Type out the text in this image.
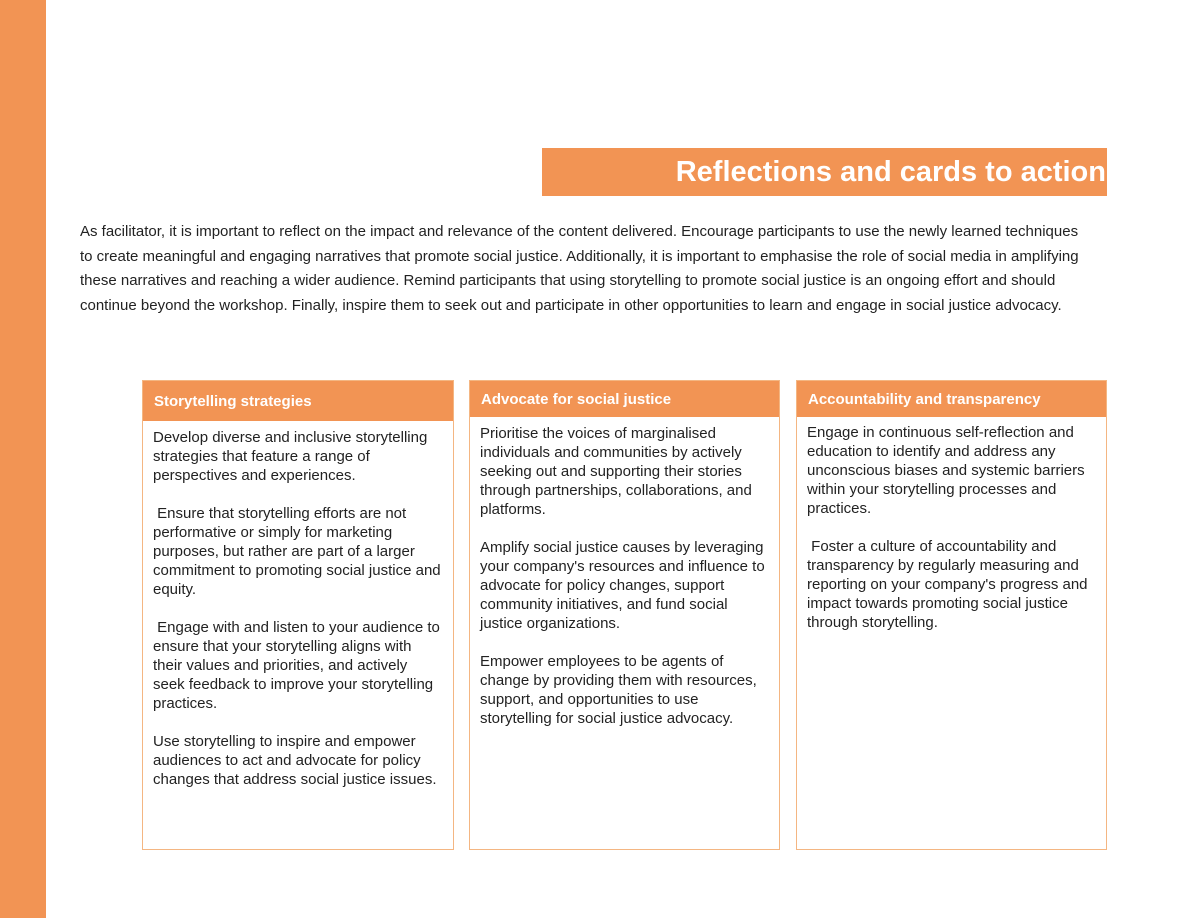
Reflections and cards to action

As facilitator, it is important to reflect on the impact and relevance of the content delivered. Encourage participants to use the newly learned techniques to create meaningful and engaging narratives that promote social justice. Additionally, it is important to emphasise the role of social media in amplifying these narratives and reaching a wider audience. Remind participants that using storytelling to promote social justice is an ongoing effort and should continue beyond the workshop. Finally, inspire them to seek out and participate in other opportunities to learn and engage in social justice advocacy.

Storytelling strategies

Develop diverse and inclusive storytelling strategies that feature a range of perspectives and experiences.

Ensure that storytelling efforts are not performative or simply for marketing purposes, but rather are part of a larger commitment to promoting social justice and equity.

Engage with and listen to your audience to ensure that your storytelling aligns with their values and priorities, and actively seek feedback to improve your storytelling practices.

Use storytelling to inspire and empower audiences to act and advocate for policy changes that address social justice issues.

Advocate for social justice

Prioritise the voices of marginalised individuals and communities by actively seeking out and supporting their stories through partnerships, collaborations, and platforms.

Amplify social justice causes by leveraging your company's resources and influence to advocate for policy changes, support community initiatives, and fund social justice organizations.

Empower employees to be agents of change by providing them with resources, support, and opportunities to use storytelling for social justice advocacy.

Accountability and transparency

Engage in continuous self-reflection and education to identify and address any unconscious biases and systemic barriers within your storytelling processes and practices.

Foster a culture of accountability and transparency by regularly measuring and reporting on your company's progress and impact towards promoting social justice through storytelling.
